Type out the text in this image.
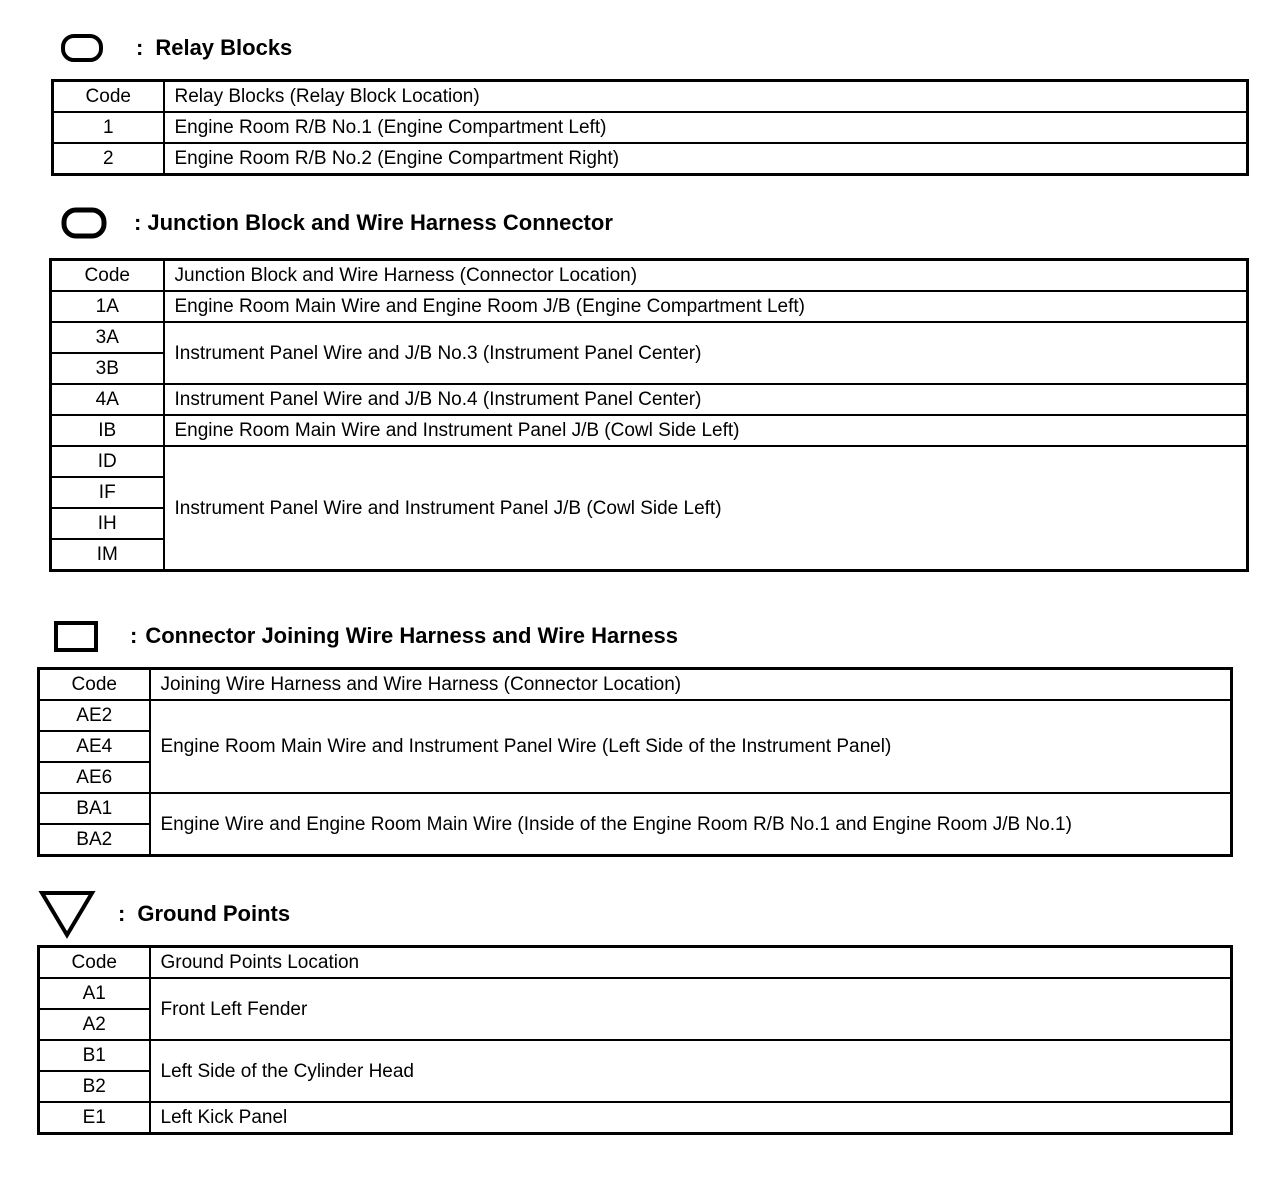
: Relay Blocks
Code	Relay Blocks (Relay Block Location)
1	Engine Room R/B No.1 (Engine Compartment Left)
2	Engine Room R/B No.2 (Engine Compartment Right)
: Junction Block and Wire Harness Connector
Code	Junction Block and Wire Harness (Connector Location)
1A	Engine Room Main Wire and Engine Room J/B (Engine Compartment Left)
3A	Instrument Panel Wire and J/B No.3 (Instrument Panel Center)
3B	
4A	Instrument Panel Wire and J/B No.4 (Instrument Panel Center)
IB	Engine Room Main Wire and Instrument Panel J/B (Cowl Side Left)
ID	Instrument Panel Wire and Instrument Panel J/B (Cowl Side Left)
IF	
IH	
IM	
: Connector Joining Wire Harness and Wire Harness
Code	Joining Wire Harness and Wire Harness (Connector Location)
AE2	Engine Room Main Wire and Instrument Panel Wire (Left Side of the Instrument Panel)
AE4	
AE6	
BA1	Engine Wire and Engine Room Main Wire (Inside of the Engine Room R/B No.1 and Engine Room J/B No.1)
BA2	
: Ground Points
Code	Ground Points Location
A1	Front Left Fender
A2	
B1	Left Side of the Cylinder Head
B2	
E1	Left Kick Panel
